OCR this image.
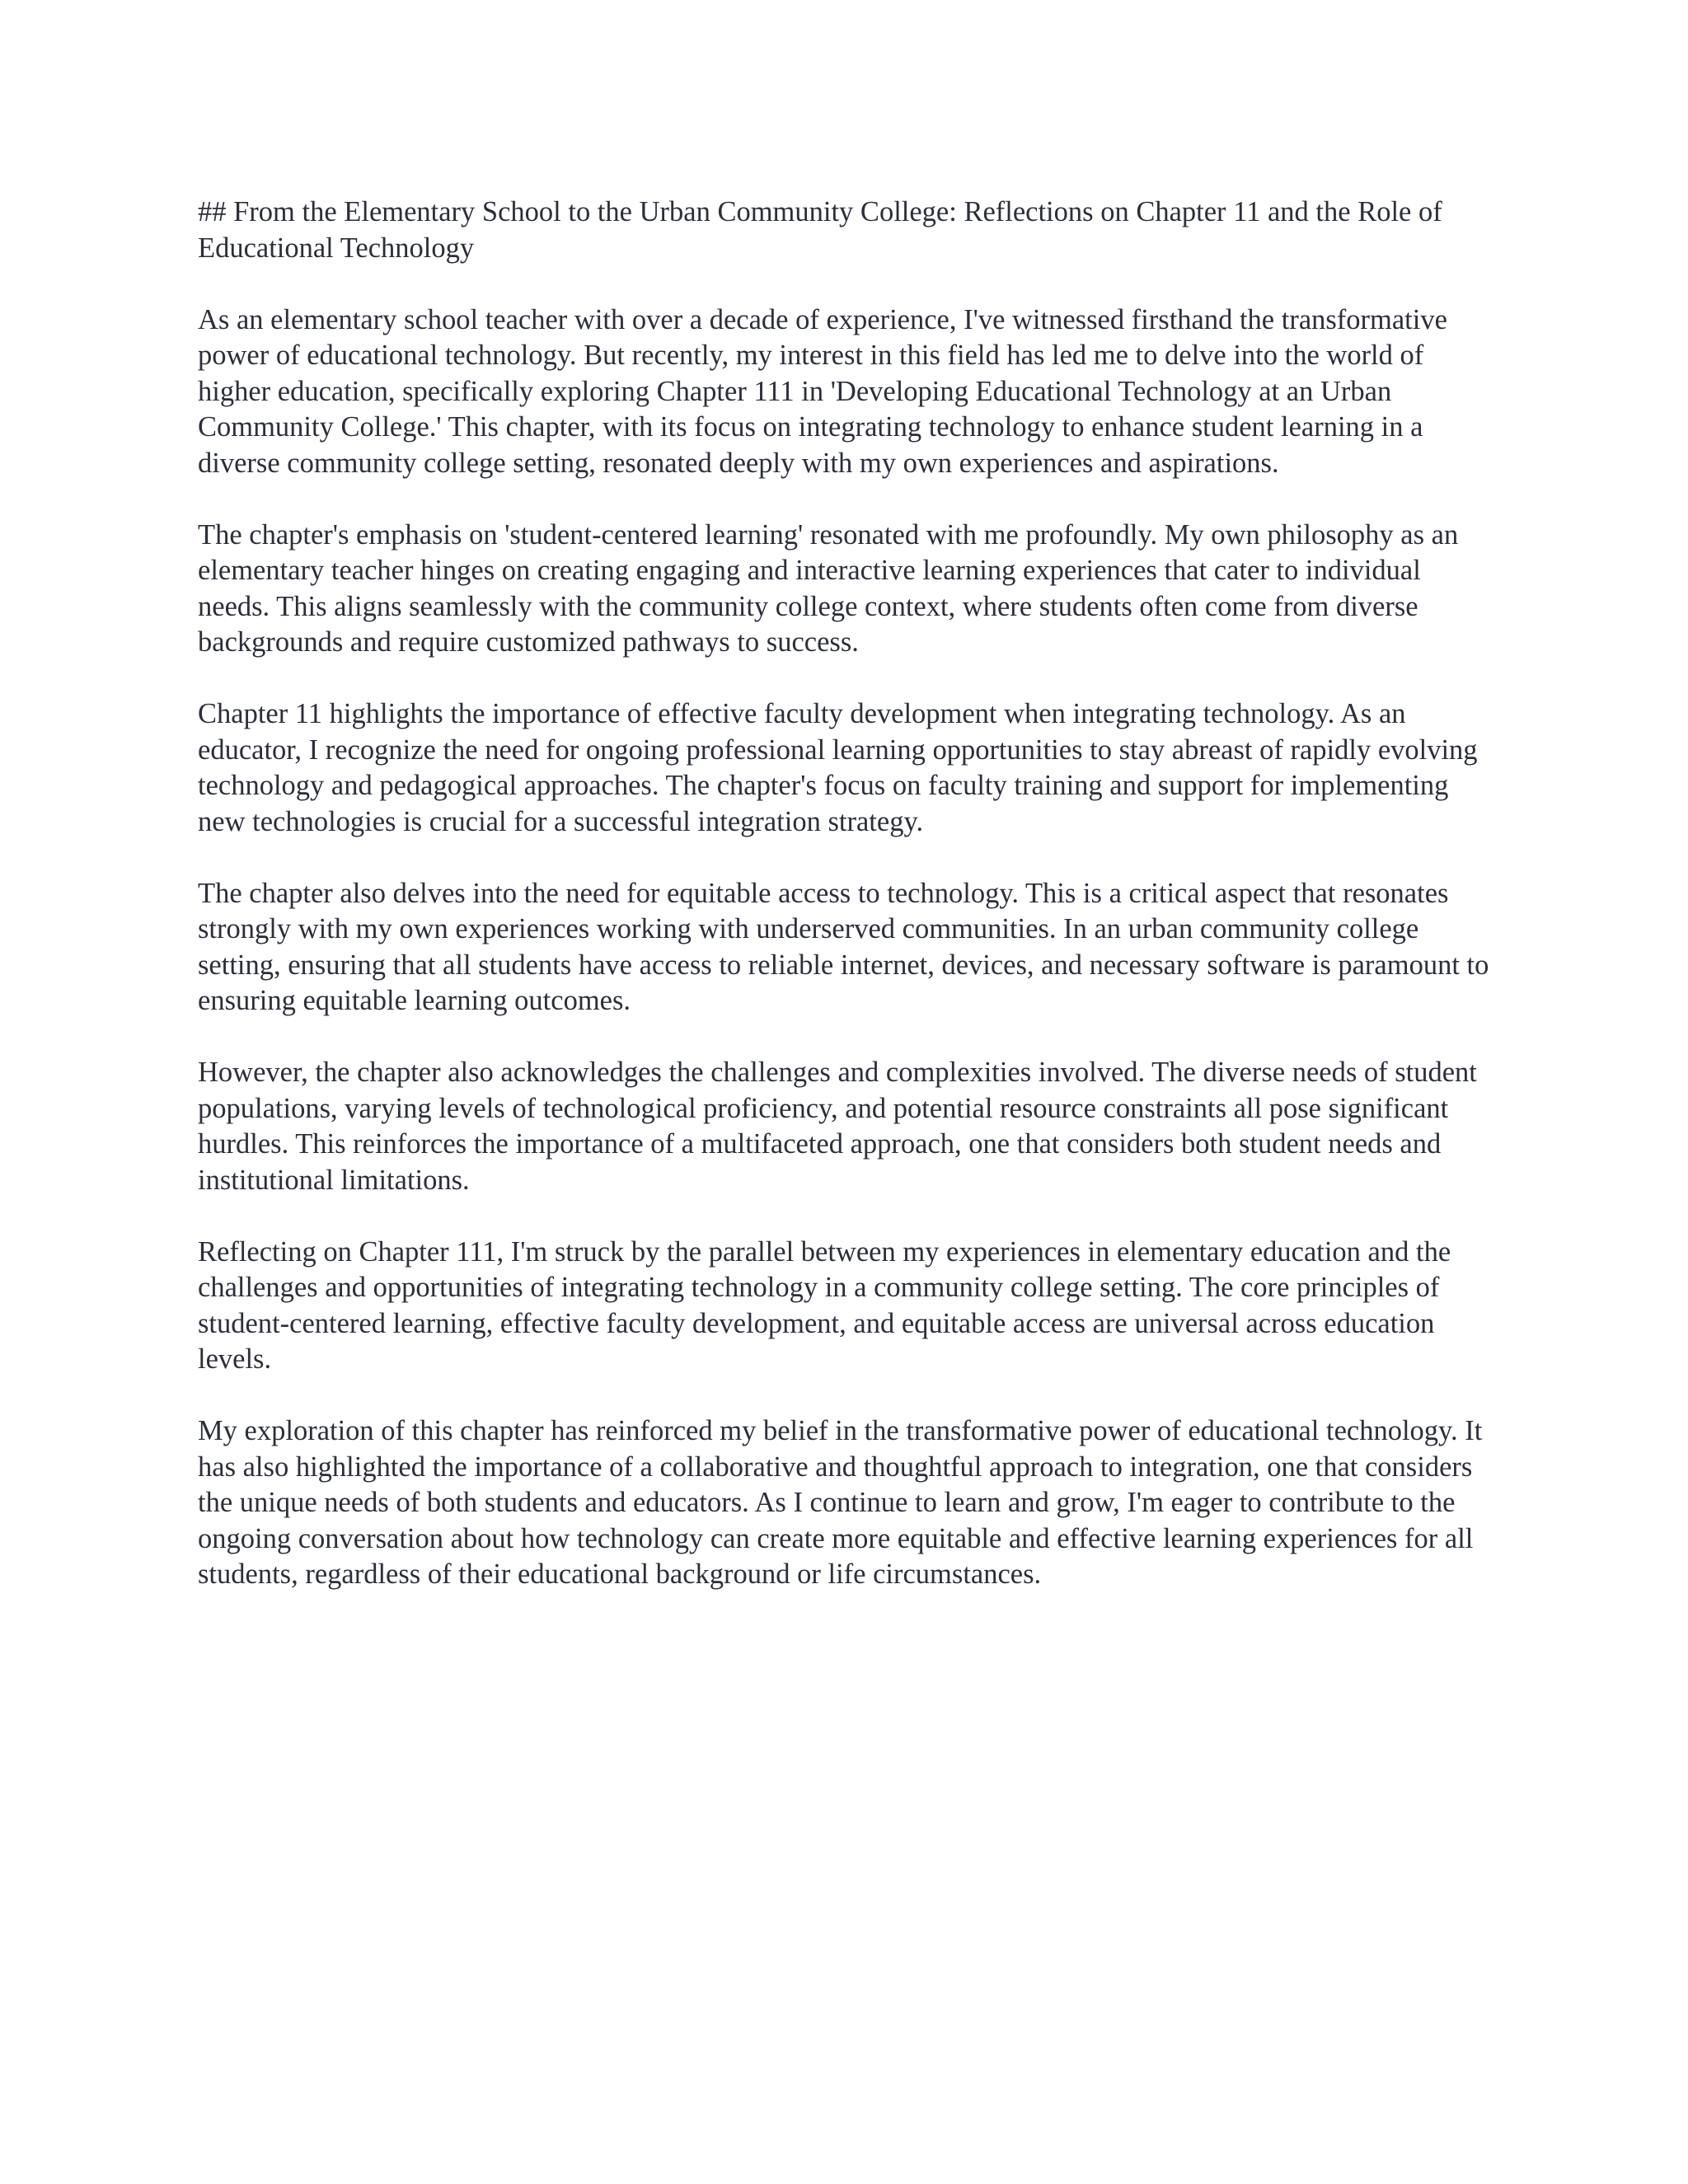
## From the Elementary School to the Urban Community College: Reflections on Chapter 11 and the Role of Educational Technology

As an elementary school teacher with over a decade of experience, I've witnessed firsthand the transformative power of educational technology. But recently, my interest in this field has led me to delve into the world of higher education, specifically exploring Chapter 111 in 'Developing Educational Technology at an Urban Community College.' This chapter, with its focus on integrating technology to enhance student learning in a diverse community college setting, resonated deeply with my own experiences and aspirations.

The chapter's emphasis on 'student-centered learning' resonated with me profoundly. My own philosophy as an elementary teacher hinges on creating engaging and interactive learning experiences that cater to individual needs. This aligns seamlessly with the community college context, where students often come from diverse backgrounds and require customized pathways to success.

Chapter 11 highlights the importance of effective faculty development when integrating technology. As an educator, I recognize the need for ongoing professional learning opportunities to stay abreast of rapidly evolving technology and pedagogical approaches. The chapter's focus on faculty training and support for implementing new technologies is crucial for a successful integration strategy.

The chapter also delves into the need for equitable access to technology. This is a critical aspect that resonates strongly with my own experiences working with underserved communities. In an urban community college setting, ensuring that all students have access to reliable internet, devices, and necessary software is paramount to ensuring equitable learning outcomes.

However, the chapter also acknowledges the challenges and complexities involved. The diverse needs of student populations, varying levels of technological proficiency, and potential resource constraints all pose significant hurdles. This reinforces the importance of a multifaceted approach, one that considers both student needs and institutional limitations.

Reflecting on Chapter 111, I'm struck by the parallel between my experiences in elementary education and the challenges and opportunities of integrating technology in a community college setting. The core principles of student-centered learning, effective faculty development, and equitable access are universal across education levels.

My exploration of this chapter has reinforced my belief in the transformative power of educational technology. It has also highlighted the importance of a collaborative and thoughtful approach to integration, one that considers the unique needs of both students and educators. As I continue to learn and grow, I'm eager to contribute to the ongoing conversation about how technology can create more equitable and effective learning experiences for all students, regardless of their educational background or life circumstances.
